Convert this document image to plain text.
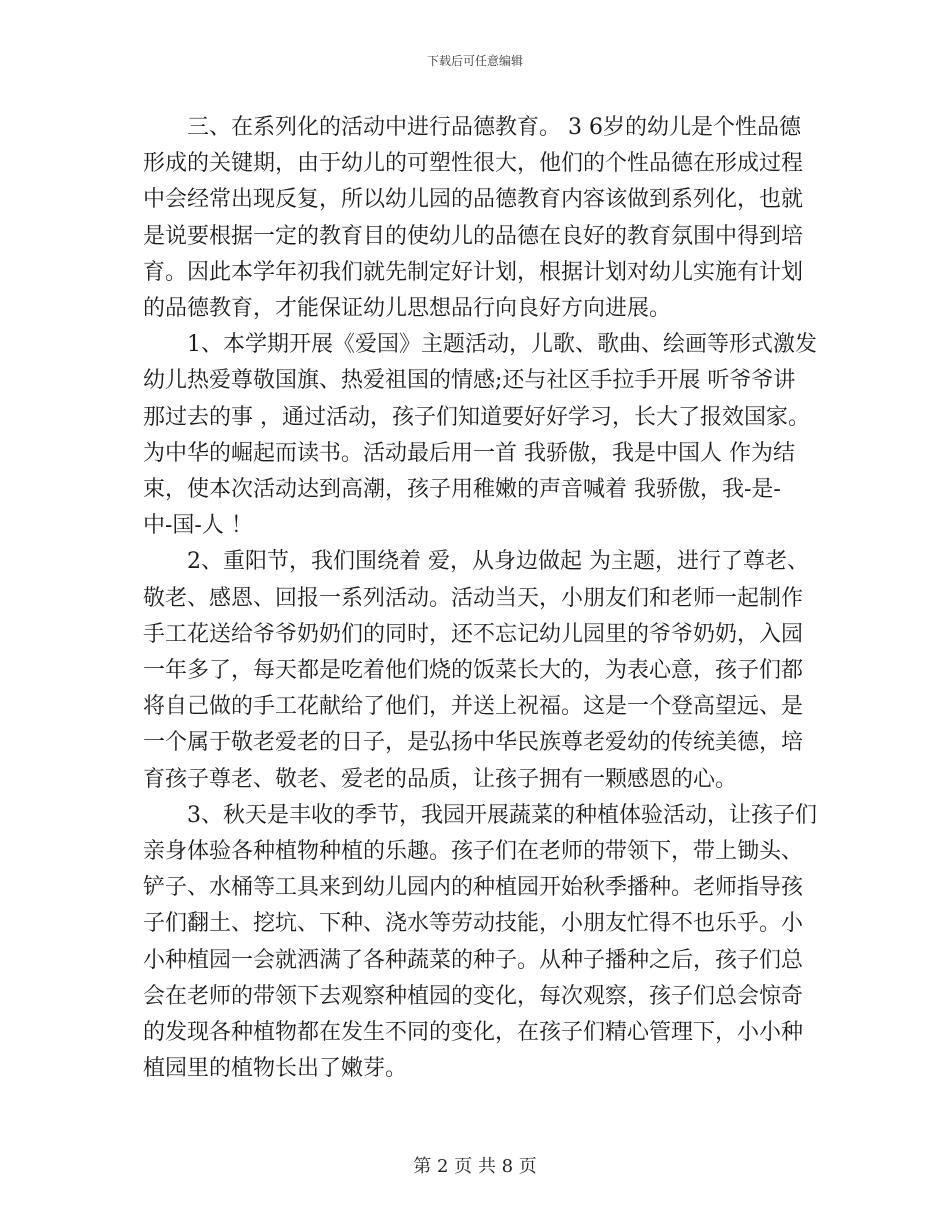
下载后可任意编辑

三、在系列化的活动中进行品德教育。 3 6岁的幼儿是个性品德
形成的关键期，由于幼儿的可塑性很大，他们的个性品德在形成过程
中会经常出现反复，所以幼儿园的品德教育内容该做到系列化，也就
是说要根据一定的教育目的使幼儿的品德在良好的教育氛围中得到培
育。因此本学年初我们就先制定好计划，根据计划对幼儿实施有计划
的品德教育，才能保证幼儿思想品行向良好方向进展。

1、本学期开展《爱国》主题活动，儿歌、歌曲、绘画等形式激发
幼儿热爱尊敬国旗、热爱祖国的情感;还与社区手拉手开展 听爷爷讲
那过去的事 ，通过活动，孩子们知道要好好学习，长大了报效国家。
为中华的崛起而读书。活动最后用一首 我骄傲，我是中国人 作为结
束，使本次活动达到高潮，孩子用稚嫩的声音喊着 我骄傲，我-是-
中-国-人 ！

2、重阳节，我们围绕着 爱，从身边做起 为主题，进行了尊老、
敬老、感恩、回报一系列活动。活动当天，小朋友们和老师一起制作
手工花送给爷爷奶奶们的同时，还不忘记幼儿园里的爷爷奶奶，入园
一年多了，每天都是吃着他们烧的饭菜长大的，为表心意，孩子们都
将自己做的手工花献给了他们，并送上祝福。这是一个登高望远、是
一个属于敬老爱老的日子，是弘扬中华民族尊老爱幼的传统美德，培
育孩子尊老、敬老、爱老的品质，让孩子拥有一颗感恩的心。

3、秋天是丰收的季节，我园开展蔬菜的种植体验活动，让孩子们
亲身体验各种植物种植的乐趣。孩子们在老师的带领下，带上锄头、
铲子、水桶等工具来到幼儿园内的种植园开始秋季播种。老师指导孩
子们翻土、挖坑、下种、浇水等劳动技能，小朋友忙得不也乐乎。小
小种植园一会就洒满了各种蔬菜的种子。从种子播种之后，孩子们总
会在老师的带领下去观察种植园的变化，每次观察，孩子们总会惊奇
的发现各种植物都在发生不同的变化，在孩子们精心管理下，小小种
植园里的植物长出了嫩芽。

第 2 页 共 8 页
